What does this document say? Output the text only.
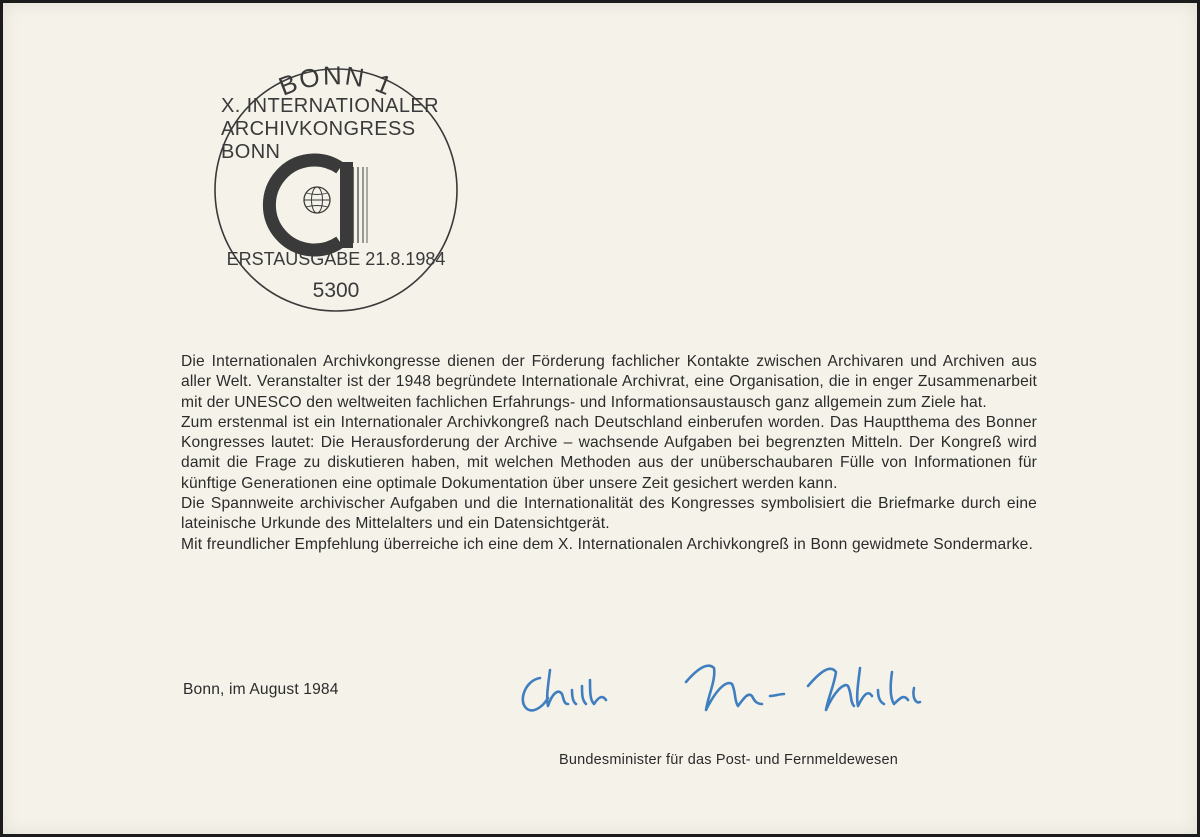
BONN 1
X. INTERNATIONALER
ARCHIVKONGRESS
BONN
ERSTAUSGABE 21.8.1984
5300

Die Internationalen Archivkongresse dienen der Förderung fachlicher Kontakte zwischen Archivaren und Archiven aus aller Welt. Veranstalter ist der 1948 begründete Internationale Archivrat, eine Organisation, die in enger Zusammenarbeit mit der UNESCO den weltweiten fachlichen Erfahrungs- und Informationsaustausch ganz allgemein zum Ziele hat.

Zum erstenmal ist ein Internationaler Archivkongreß nach Deutschland einberufen worden. Das Hauptthema des Bonner Kongresses lautet: Die Herausforderung der Archive – wachsende Aufgaben bei begrenzten Mitteln. Der Kongreß wird damit die Frage zu diskutieren haben, mit welchen Methoden aus der unüberschaubaren Fülle von Informationen für künftige Generationen eine optimale Dokumentation über unsere Zeit gesichert werden kann.

Die Spannweite archivischer Aufgaben und die Internationalität des Kongresses symbolisiert die Briefmarke durch eine lateinische Urkunde des Mittelalters und ein Datensichtgerät.

Mit freundlicher Empfehlung überreiche ich eine dem X. Internationalen Archivkongreß in Bonn gewidmete Sondermarke.

Bonn, im August 1984
Bundesminister für das Post- und Fernmeldewesen
